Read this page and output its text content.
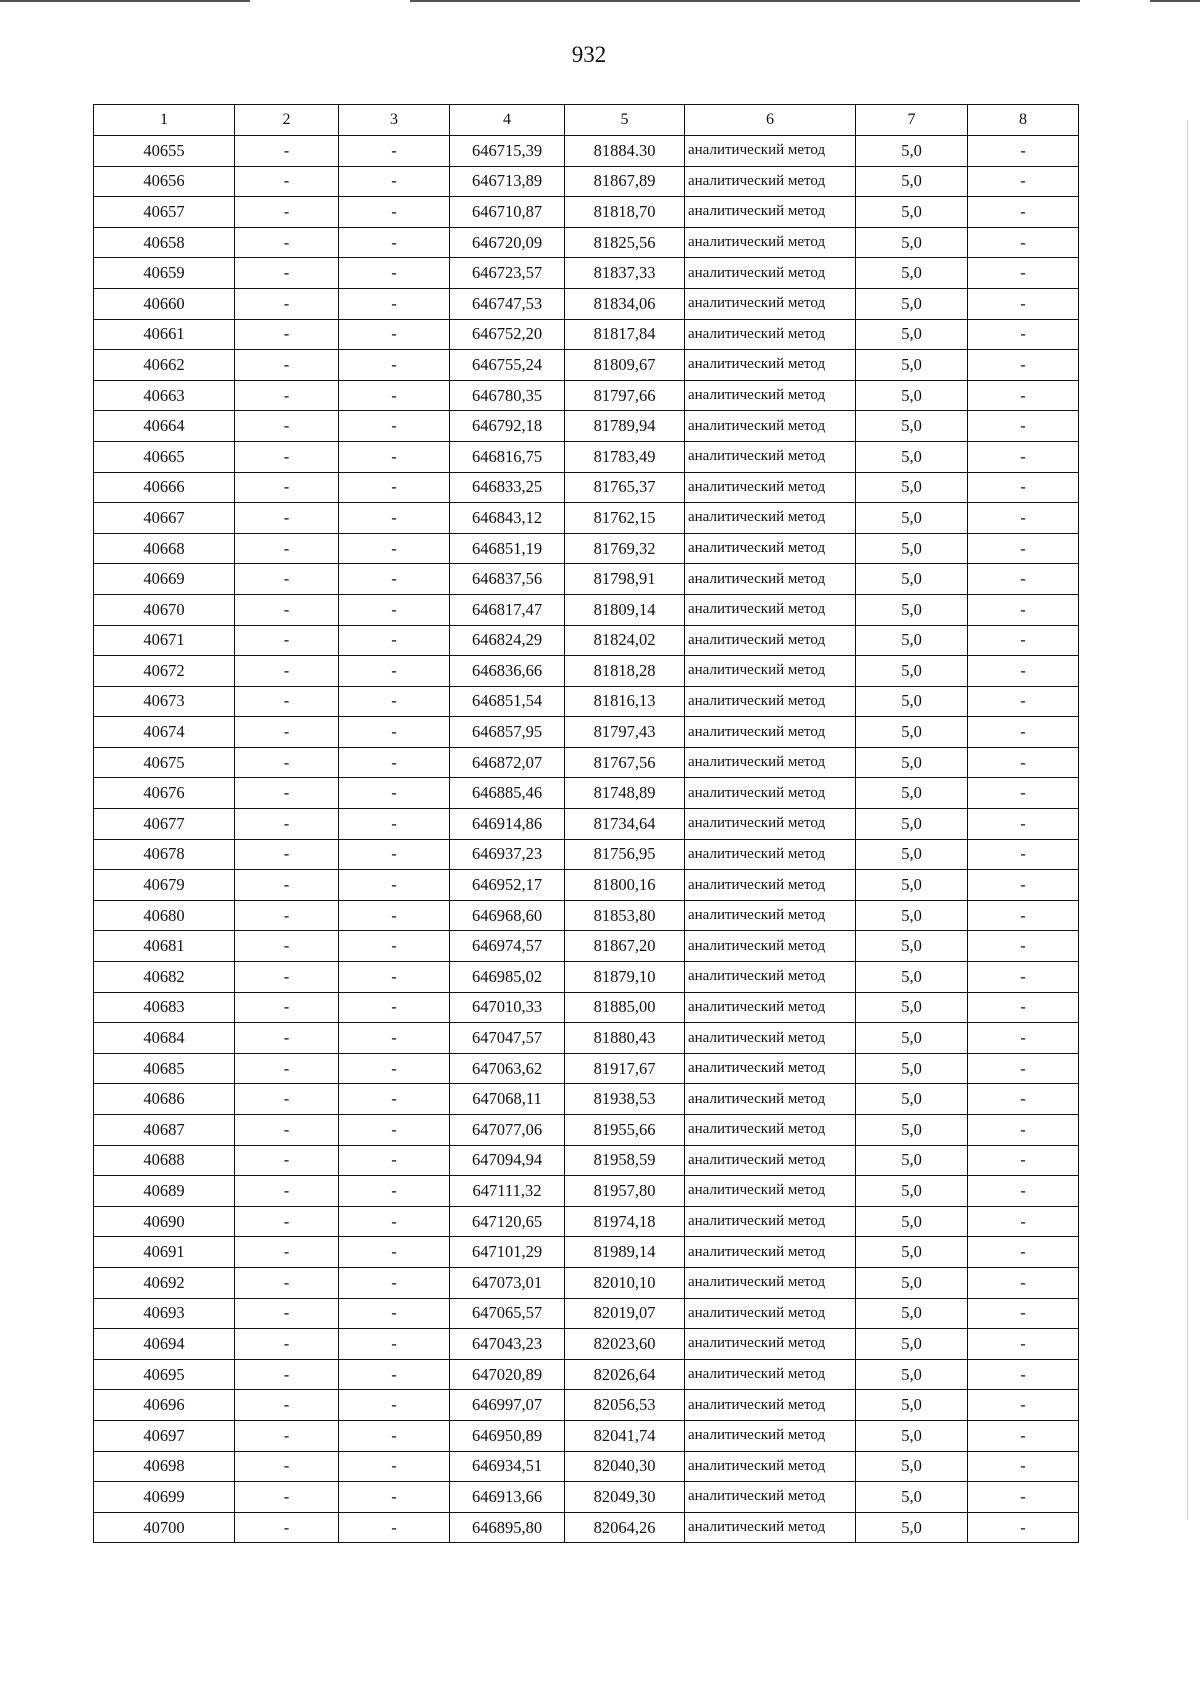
932
1	2	3	4	5	6	7	8
40655	-	-	646715,39	81884.30	аналитический метод	5,0	-
40656	-	-	646713,89	81867,89	аналитический метод	5,0	-
40657	-	-	646710,87	81818,70	аналитический метод	5,0	-
40658	-	-	646720,09	81825,56	аналитический метод	5,0	-
40659	-	-	646723,57	81837,33	аналитический метод	5,0	-
40660	-	-	646747,53	81834,06	аналитический метод	5,0	-
40661	-	-	646752,20	81817,84	аналитический метод	5,0	-
40662	-	-	646755,24	81809,67	аналитический метод	5,0	-
40663	-	-	646780,35	81797,66	аналитический метод	5,0	-
40664	-	-	646792,18	81789,94	аналитический метод	5,0	-
40665	-	-	646816,75	81783,49	аналитический метод	5,0	-
40666	-	-	646833,25	81765,37	аналитический метод	5,0	-
40667	-	-	646843,12	81762,15	аналитический метод	5,0	-
40668	-	-	646851,19	81769,32	аналитический метод	5,0	-
40669	-	-	646837,56	81798,91	аналитический метод	5,0	-
40670	-	-	646817,47	81809,14	аналитический метод	5,0	-
40671	-	-	646824,29	81824,02	аналитический метод	5,0	-
40672	-	-	646836,66	81818,28	аналитический метод	5,0	-
40673	-	-	646851,54	81816,13	аналитический метод	5,0	-
40674	-	-	646857,95	81797,43	аналитический метод	5,0	-
40675	-	-	646872,07	81767,56	аналитический метод	5,0	-
40676	-	-	646885,46	81748,89	аналитический метод	5,0	-
40677	-	-	646914,86	81734,64	аналитический метод	5,0	-
40678	-	-	646937,23	81756,95	аналитический метод	5,0	-
40679	-	-	646952,17	81800,16	аналитический метод	5,0	-
40680	-	-	646968,60	81853,80	аналитический метод	5,0	-
40681	-	-	646974,57	81867,20	аналитический метод	5,0	-
40682	-	-	646985,02	81879,10	аналитический метод	5,0	-
40683	-	-	647010,33	81885,00	аналитический метод	5,0	-
40684	-	-	647047,57	81880,43	аналитический метод	5,0	-
40685	-	-	647063,62	81917,67	аналитический метод	5,0	-
40686	-	-	647068,11	81938,53	аналитический метод	5,0	-
40687	-	-	647077,06	81955,66	аналитический метод	5,0	-
40688	-	-	647094,94	81958,59	аналитический метод	5,0	-
40689	-	-	647111,32	81957,80	аналитический метод	5,0	-
40690	-	-	647120,65	81974,18	аналитический метод	5,0	-
40691	-	-	647101,29	81989,14	аналитический метод	5,0	-
40692	-	-	647073,01	82010,10	аналитический метод	5,0	-
40693	-	-	647065,57	82019,07	аналитический метод	5,0	-
40694	-	-	647043,23	82023,60	аналитический метод	5,0	-
40695	-	-	647020,89	82026,64	аналитический метод	5,0	-
40696	-	-	646997,07	82056,53	аналитический метод	5,0	-
40697	-	-	646950,89	82041,74	аналитический метод	5,0	-
40698	-	-	646934,51	82040,30	аналитический метод	5,0	-
40699	-	-	646913,66	82049,30	аналитический метод	5,0	-
40700	-	-	646895,80	82064,26	аналитический метод	5,0	-
